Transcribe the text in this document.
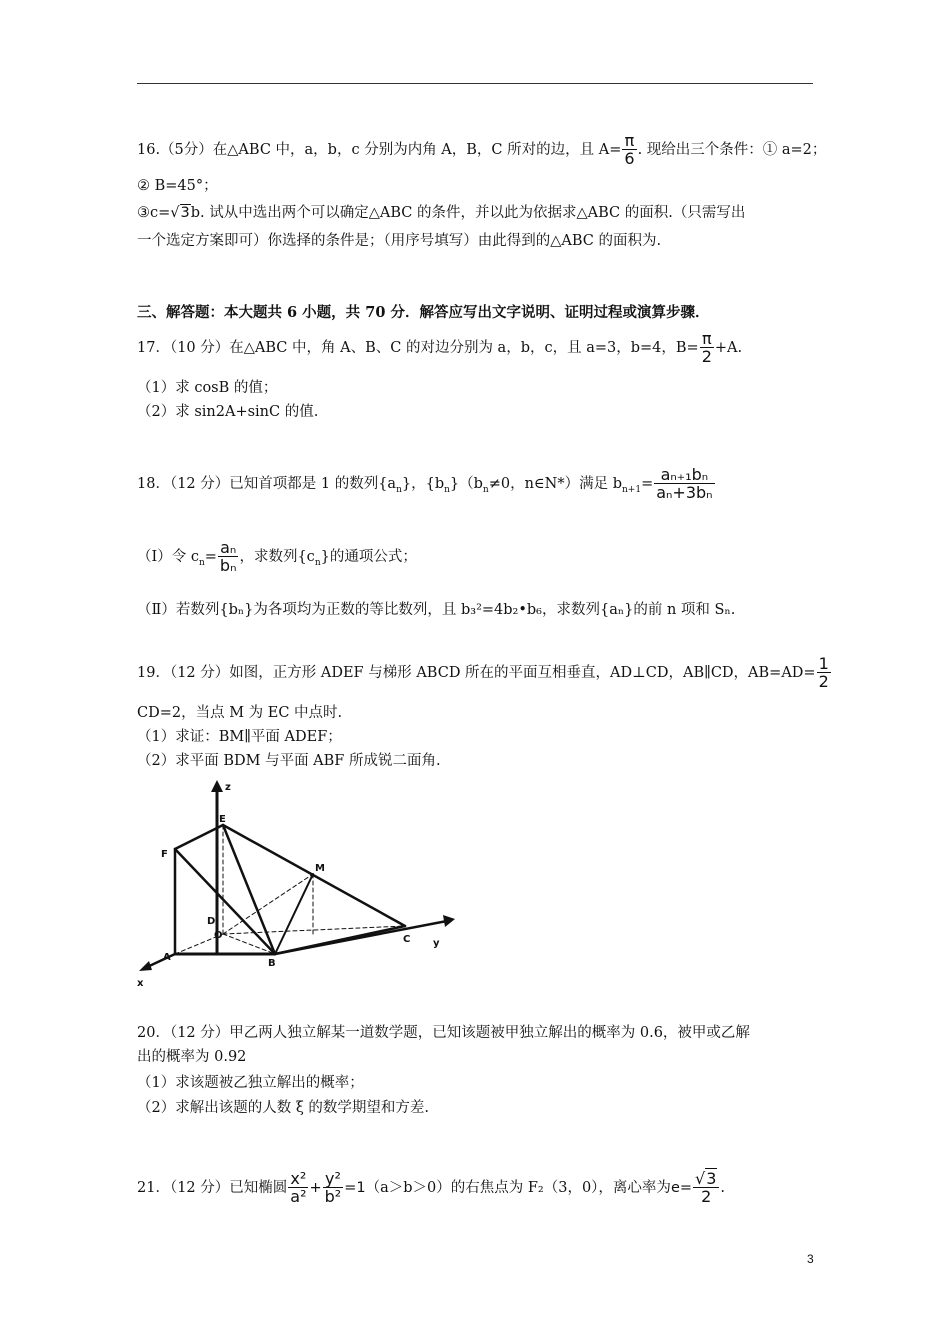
16.（5分）在△ABC 中，a，b，c 分别为内角 A，B，C 所对的边，且 $A= \frac{\pi}{6}$ . 现给出三个条件：① a=2；
② B=45°；
③c=√3b. 试从中选出两个可以确定△ABC 的条件，并以此为依据求△ABC 的面积.（只需写出
一个选定方案即可）你选择的条件是；（用序号填写）由此得到的△ABC 的面积为.
三、解答题：本大题共 6 小题，共 70 分．解答应写出文字说明、证明过程或演算步骤．
17．（10 分）在△ABC 中，角 A、B、C 的对边分别为 a，b，c，且 a=3，b=4，$B= \frac{\pi}{2} +A$.
（1）求 cosB 的值；
（2）求 sin2A+sinC 的值.
18．（12 分）已知首项都是 1 的数列$\{a_n\}$，$\{b_n\}(b_n\ne 0$，n∈N*）满足 $b_{n+1}= \frac{\text{aₙ₊₁bₙ}}{\text{aₙ+3bₙ}}$
（Ⅰ）令 $c_n= \frac{\text{aₙ}}{\text{bₙ}}$ ，求数列$\{c_n\}$的通项公式；
（Ⅱ）若数列{bₙ}为各项均为正数的等比数列，且 b₃²=4b₂•b₆，求数列{aₙ}的前 n 项和 Sₙ.
19．（12 分）如图，正方形 ADEF 与梯形 ABCD 所在的平面互相垂直，AD⊥CD，AB∥CD，$AB=AD= \frac{1}{2}$
CD=2，当点 M 为 EC 中点时.
（1）求证：BM∥平面 ADEF；
（2）求平面 BDM 与平面 ABF 所成锐二面角.
z
y
x
E
F
M
D
O
A
B
C
20．（12 分）甲乙两人独立解某一道数学题，已知该题被甲独立解出的概率为 0.6，被甲或乙解
出的概率为 0.92
（1）求该题被乙独立解出的概率；
（2）求解出该题的人数 ξ 的数学期望和方差.
21．（12 分）已知椭圆 $\frac{\text{x²}}{\text{a²}} + \frac{\text{y²}}{\text{b²}} =1(a>b>0)$的右焦点为 F₂（3，0），离心率为$e= \frac{√3}{2}$ .
3
